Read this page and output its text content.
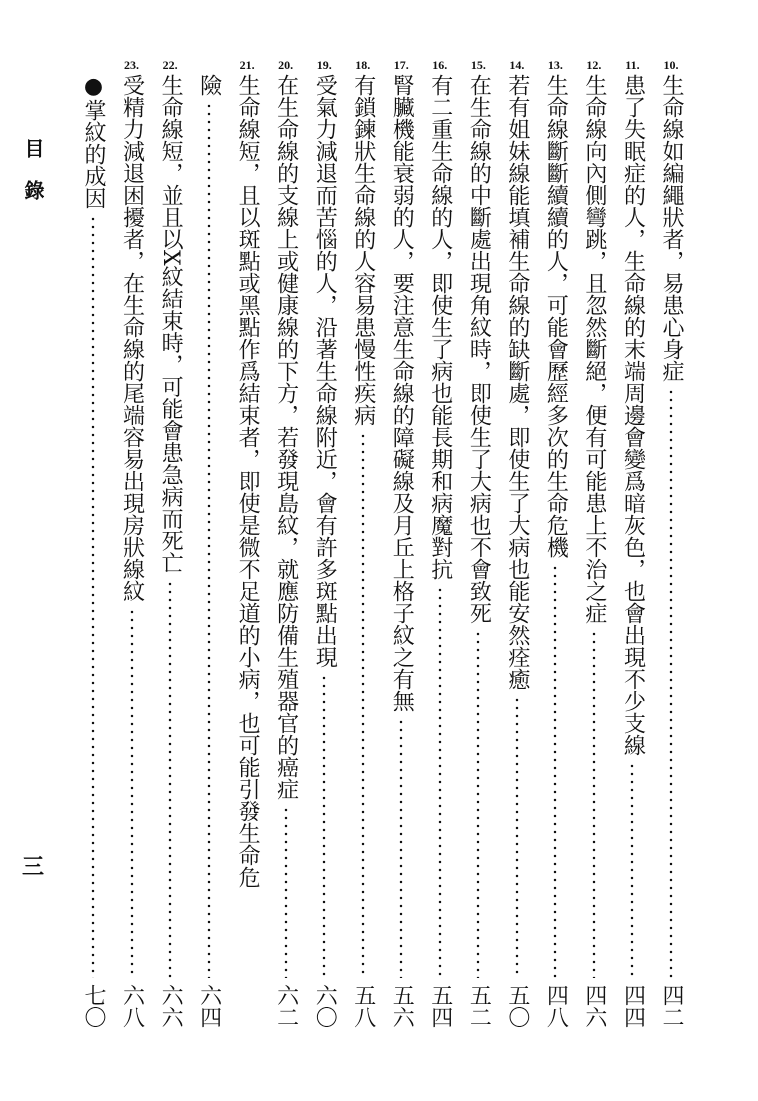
目錄
三
10.
生命線如編繩狀者，易患心身症
四二
11.
患了失眠症的人，生命線的末端周邊會變爲暗灰色，也會出現不少支線
四四
12.
生命線向內側彎跳，且忽然斷絕，便有可能患上不治之症
四六
13.
生命線斷斷續續的人，可能會歷經多次的生命危機
四八
14.
若有姐妹線能填補生命線的缺斷處，即使生了大病也能安然痊癒
五〇
15.
在生命線的中斷處出現角紋時，即使生了大病也不會致死
五二
16.
有二重生命線的人，即使生了病也能長期和病魔對抗
五四
17.
腎臟機能衰弱的人，要注意生命線的障礙線及月丘上格子紋之有無
五六
18.
有鎖鍊狀生命線的人容易患慢性疾病
五八
19.
受氣力減退而苦惱的人，沿著生命線附近，會有許多斑點出現
六〇
20.
在生命線的支線上或健康線的下方，若發現島紋，就應防備生殖器官的癌症
六二
21.
生命線短，且以斑點或黑點作爲結束者，即使是微不足道的小病，也可能引發生命危
險
六四
22.
生命線短，並且以X紋結束時，可能會患急病而死亡
六六
23.
受精力減退困擾者，在生命線的尾端容易出現房狀線紋
六八
●掌紋的成因
七〇
